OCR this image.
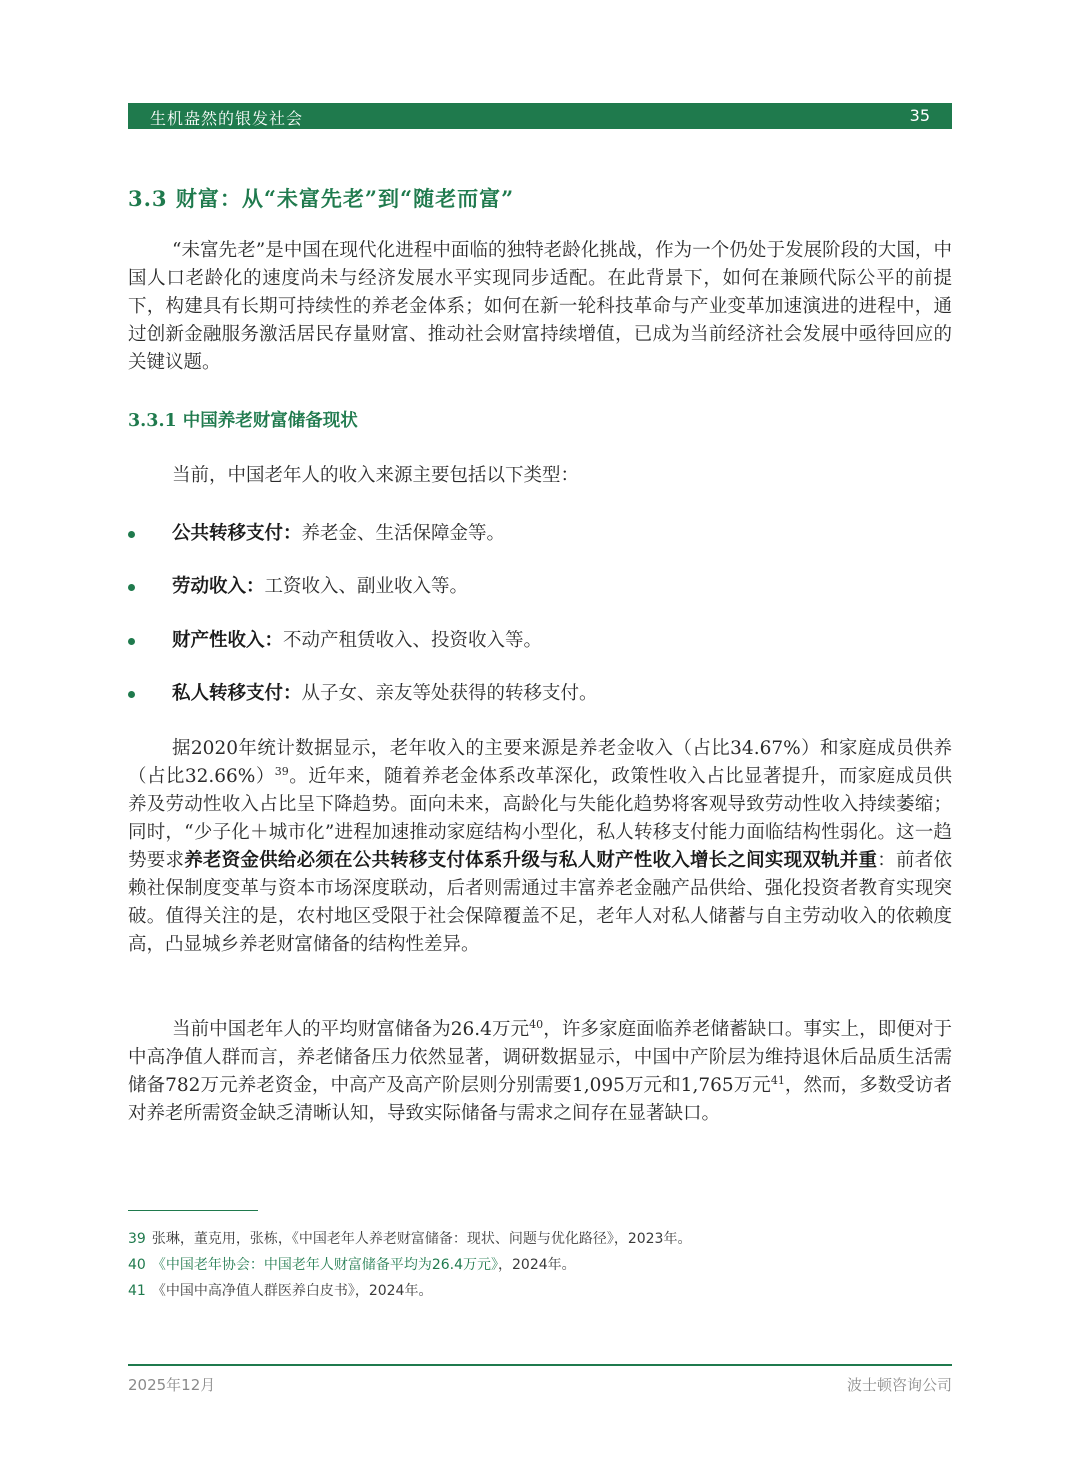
生机盎然的银发社会	35
3.3 财富：从“未富先老”到“随老而富”

“未富先老”是中国在现代化进程中面临的独特老龄化挑战，作为一个仍处于发展阶段的大国，中国人口老龄化的速度尚未与经济发展水平实现同步适配。在此背景下，如何在兼顾代际公平的前提下，构建具有长期可持续性的养老金体系；如何在新一轮科技革命与产业变革加速演进的进程中，通过创新金融服务激活居民存量财富、推动社会财富持续增值，已成为当前经济社会发展中亟待回应的关键议题。

3.3.1 中国养老财富储备现状

当前，中国老年人的收入来源主要包括以下类型：

公共转移支付：养老金、生活保障金等。
劳动收入：工资收入、副业收入等。
财产性收入：不动产租赁收入、投资收入等。
私人转移支付：从子女、亲友等处获得的转移支付。

据2020年统计数据显示，老年收入的主要来源是养老金收入（占比34.67%）和家庭成员供养（占比32.66%）$^{39}$。近年来，随着养老金体系改革深化，政策性收入占比显著提升，而家庭成员供养及劳动性收入占比呈下降趋势。面向未来，高龄化与失能化趋势将客观导致劳动性收入持续萎缩；同时，“少子化＋城市化”进程加速推动家庭结构小型化，私人转移支付能力面临结构性弱化。这一趋势要求养老资金供给必须在公共转移支付体系升级与私人财产性收入增长之间实现双轨并重：前者依赖社保制度变革与资本市场深度联动，后者则需通过丰富养老金融产品供给、强化投资者教育实现突破。值得关注的是，农村地区受限于社会保障覆盖不足，老年人对私人储蓄与自主劳动收入的依赖度高，凸显城乡养老财富储备的结构性差异。

当前中国老年人的平均财富储备为26.4万元$^{40}$，许多家庭面临养老储蓄缺口。事实上，即便对于中高净值人群而言，养老储备压力依然显著，调研数据显示，中国中产阶层为维持退休后品质生活需储备782万元养老资金，中高产及高产阶层则分别需要1,095万元和1,765万元$^{41}$，然而，多数受访者对养老所需资金缺乏清晰认知，导致实际储备与需求之间存在显著缺口。

39 张琳，董克用，张栋，《中国老年人养老财富储备：现状、问题与优化路径》，2023年。
40 《中国老年协会：中国老年人财富储备平均为26.4万元》，2024年。
41 《中国中高净值人群医养白皮书》，2024年。
2025年12月	波士顿咨询公司
